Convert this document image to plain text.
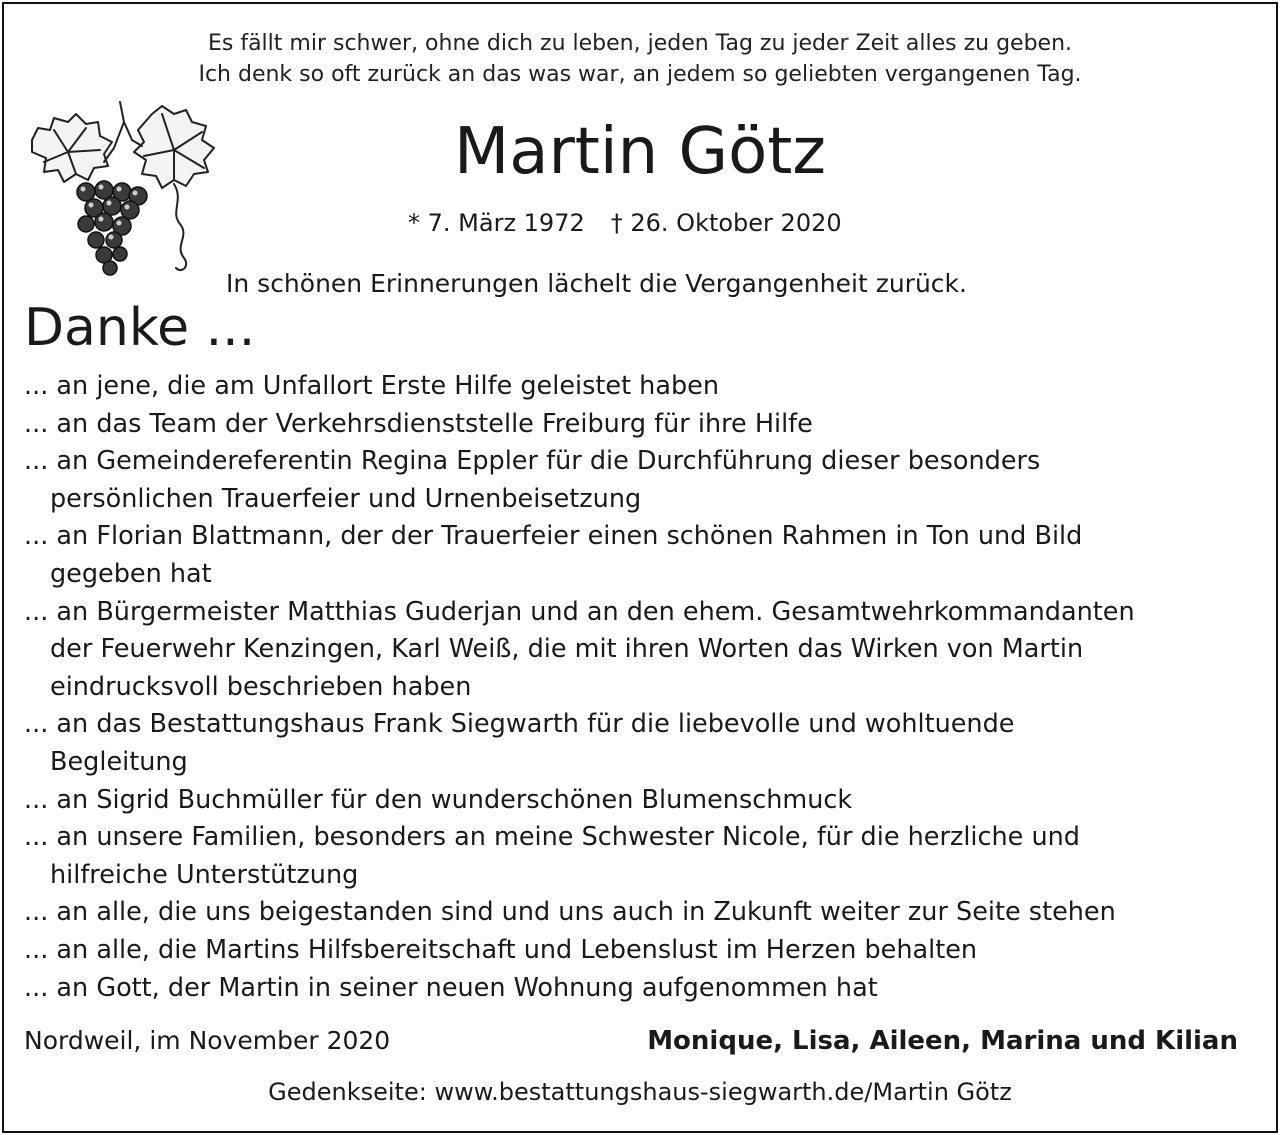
Es fällt mir schwer, ohne dich zu leben, jeden Tag zu jeder Zeit alles zu geben.
Ich denk so oft zurück an das was war, an jedem so geliebten vergangenen Tag.
Martin Götz
* 7. März 1972 † 26. Oktober 2020
In schönen Erinnerungen lächelt die Vergangenheit zurück.
Danke ...
... an jene, die am Unfallort Erste Hilfe geleistet haben
... an das Team der Verkehrsdienststelle Freiburg für ihre Hilfe
... an Gemeindereferentin Regina Eppler für die Durchführung dieser besonders
persönlichen Trauerfeier und Urnenbeisetzung
... an Florian Blattmann, der der Trauerfeier einen schönen Rahmen in Ton und Bild
gegeben hat
... an Bürgermeister Matthias Guderjan und an den ehem. Gesamtwehrkommandanten
der Feuerwehr Kenzingen, Karl Weiß, die mit ihren Worten das Wirken von Martin
eindrucksvoll beschrieben haben
... an das Bestattungshaus Frank Siegwarth für die liebevolle und wohltuende
Begleitung
... an Sigrid Buchmüller für den wunderschönen Blumenschmuck
... an unsere Familien, besonders an meine Schwester Nicole, für die herzliche und
hilfreiche Unterstützung
... an alle, die uns beigestanden sind und uns auch in Zukunft weiter zur Seite stehen
... an alle, die Martins Hilfsbereitschaft und Lebenslust im Herzen behalten
... an Gott, der Martin in seiner neuen Wohnung aufgenommen hat
Nordweil, im November 2020	Monique, Lisa, Aileen, Marina und Kilian
Gedenkseite: www.bestattungshaus-siegwarth.de/Martin Götz
